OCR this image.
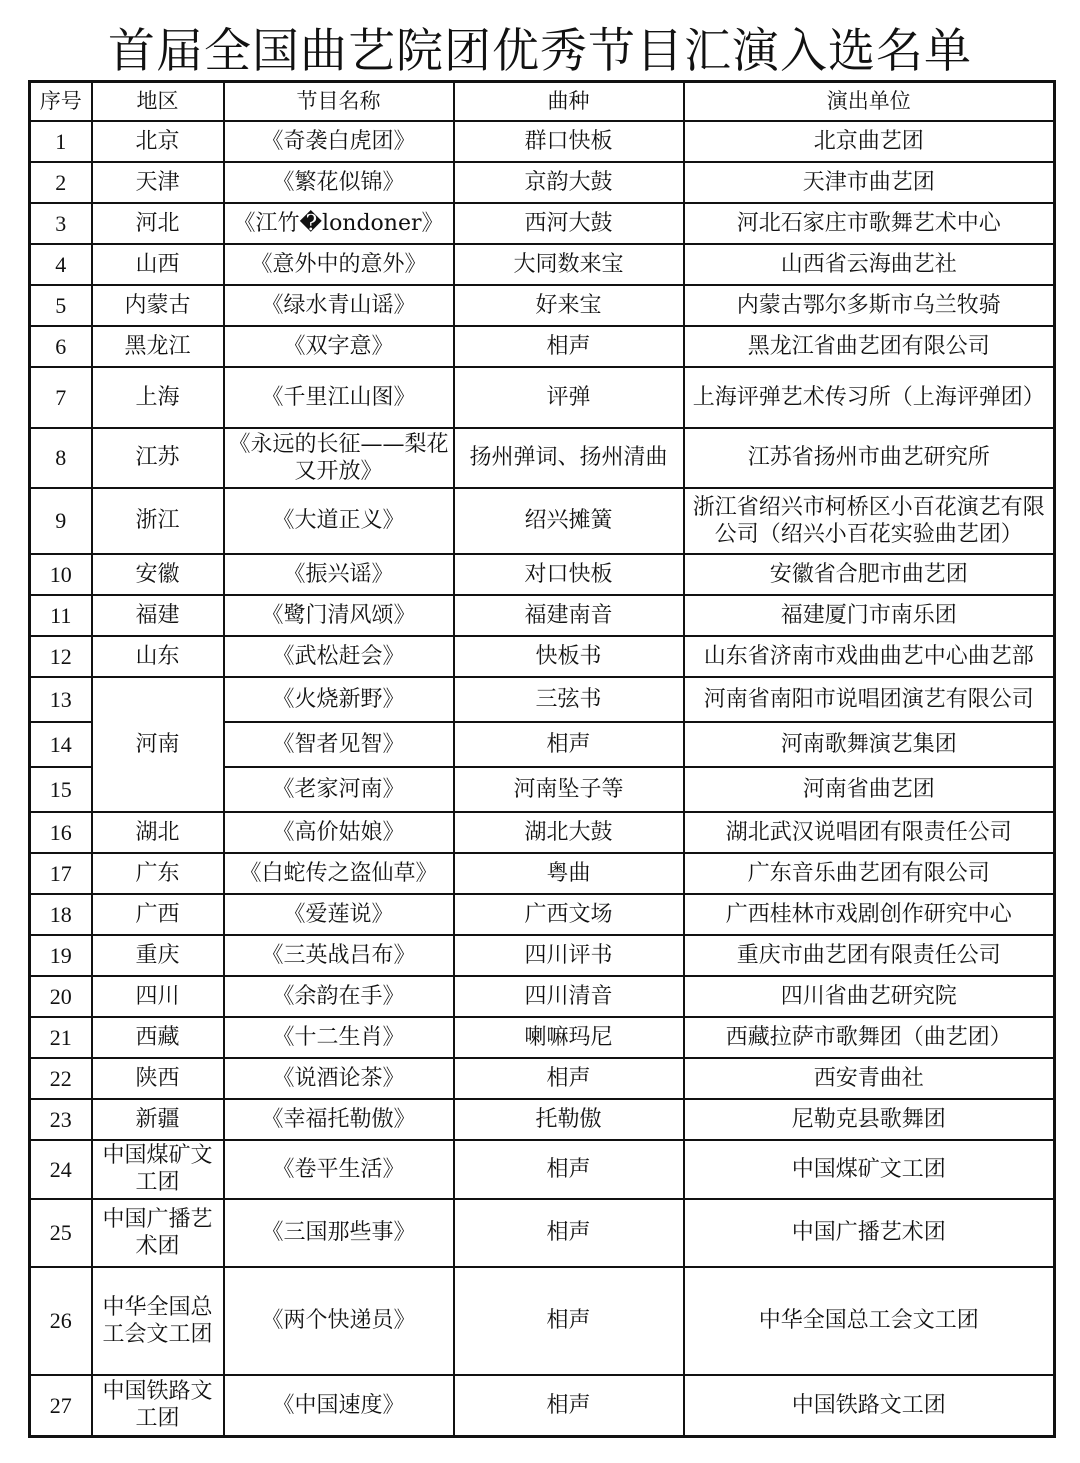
首届全国曲艺院团优秀节目汇演入选名单
序号	地区	节目名称	曲种	演出单位
1	北京	《奇袭白虎团》	群口快板	北京曲艺团
2	天津	《繁花似锦》	京韵大鼓	天津市曲艺团
3	河北	《江竹�londoner》	西河大鼓	河北石家庄市歌舞艺术中心
4	山西	《意外中的意外》	大同数来宝	山西省云海曲艺社
5	内蒙古	《绿水青山谣》	好来宝	内蒙古鄂尔多斯市乌兰牧骑
6	黑龙江	《双字意》	相声	黑龙江省曲艺团有限公司
7	上海	《千里江山图》	评弹	上海评弹艺术传习所（上海评弹团）
8	江苏	《永远的长征——梨花又开放》	扬州弹词、扬州清曲	江苏省扬州市曲艺研究所
9	浙江	《大道正义》	绍兴摊簧	浙江省绍兴市柯桥区小百花演艺有限公司（绍兴小百花实验曲艺团）
10	安徽	《振兴谣》	对口快板	安徽省合肥市曲艺团
11	福建	《鹭门清风颂》	福建南音	福建厦门市南乐团
12	山东	《武松赶会》	快板书	山东省济南市戏曲曲艺中心曲艺部
13	河南	《火烧新野》	三弦书	河南省南阳市说唱团演艺有限公司
14		《智者见智》	相声	河南歌舞演艺集团
15		《老家河南》	河南坠子等	河南省曲艺团
16	湖北	《高价姑娘》	湖北大鼓	湖北武汉说唱团有限责任公司
17	广东	《白蛇传之盗仙草》	粤曲	广东音乐曲艺团有限公司
18	广西	《爱莲说》	广西文场	广西桂林市戏剧创作研究中心
19	重庆	《三英战吕布》	四川评书	重庆市曲艺团有限责任公司
20	四川	《余韵在手》	四川清音	四川省曲艺研究院
21	西藏	《十二生肖》	喇嘛玛尼	西藏拉萨市歌舞团（曲艺团）
22	陕西	《说酒论茶》	相声	西安青曲社
23	新疆	《幸福托勒傲》	托勒傲	尼勒克县歌舞团
24	中国煤矿文工团	《卷平生活》	相声	中国煤矿文工团
25	中国广播艺术团	《三国那些事》	相声	中国广播艺术团
26	中华全国总工会文工团	《两个快递员》	相声	中华全国总工会文工团
27	中国铁路文工团	《中国速度》	相声	中国铁路文工团
